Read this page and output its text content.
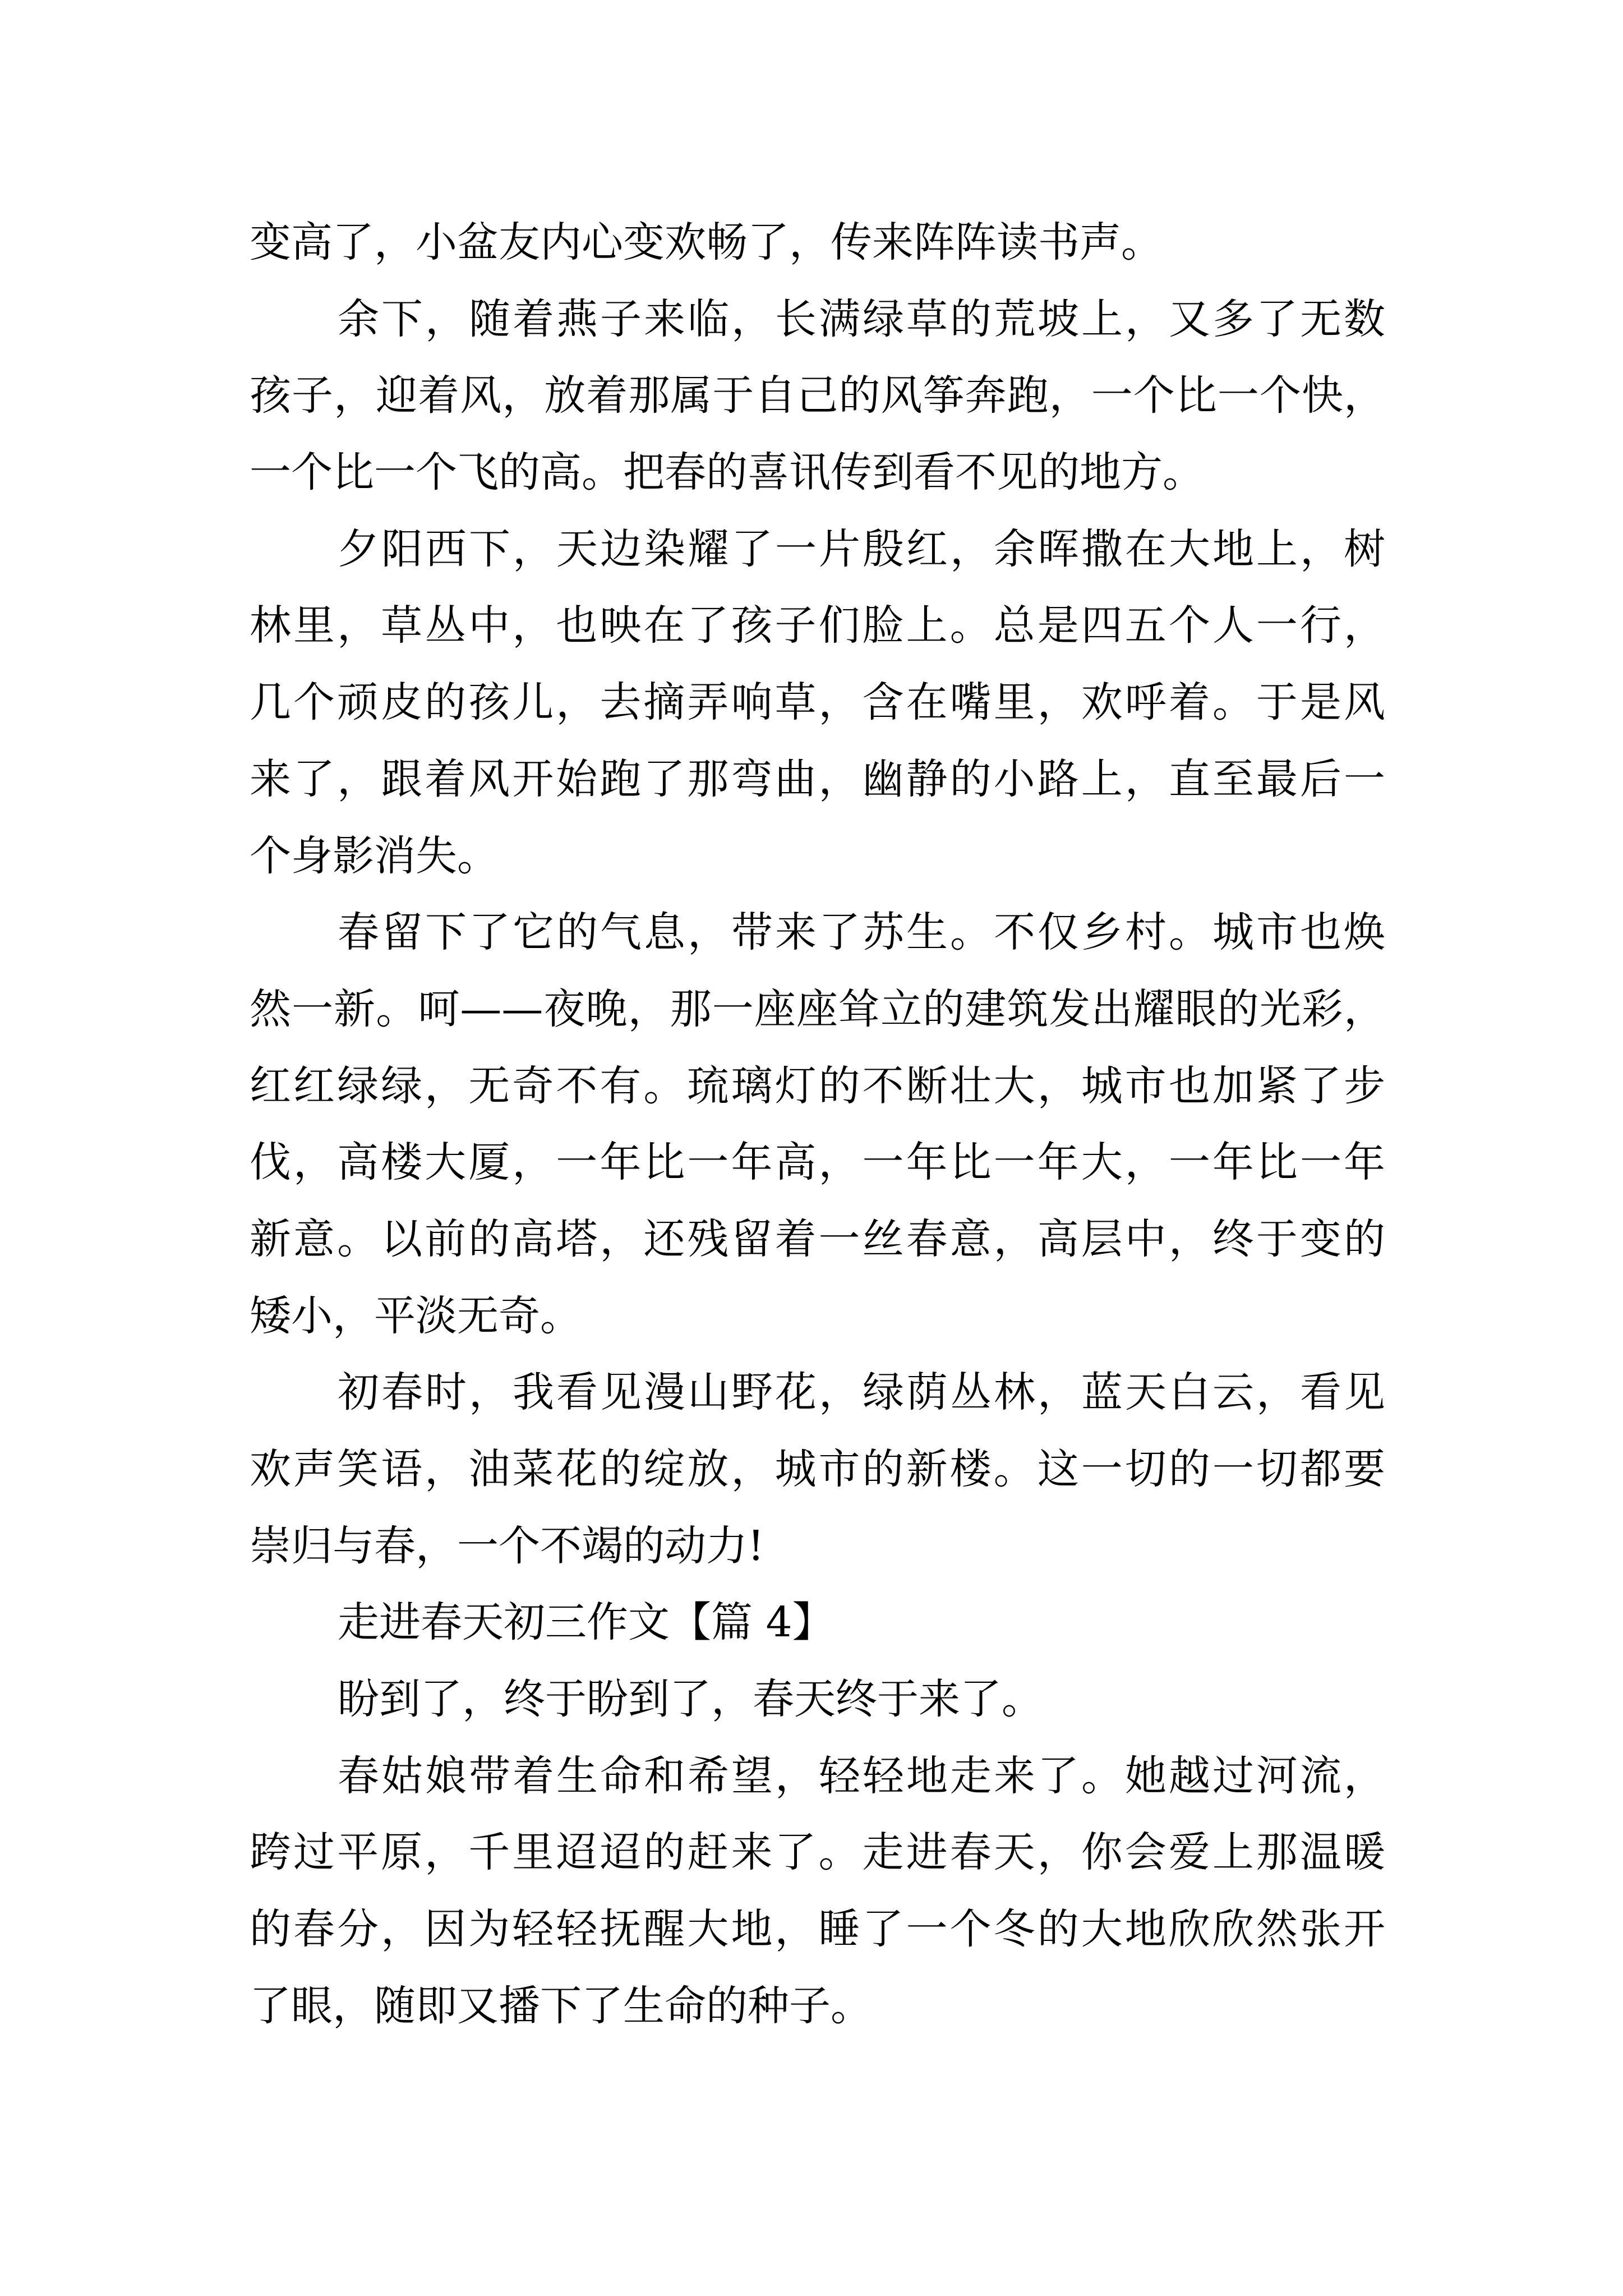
变高了，小盆友内心变欢畅了，传来阵阵读书声。
余下，随着燕子来临，长满绿草的荒坡上，又多了无数
孩子，迎着风，放着那属于自己的风筝奔跑，一个比一个快，
一个比一个飞的高。把春的喜讯传到看不见的地方。
夕阳西下，天边染耀了一片殷红，余晖撒在大地上，树
林里，草丛中，也映在了孩子们脸上。总是四五个人一行，
几个顽皮的孩儿，去摘弄响草，含在嘴里，欢呼着。于是风
来了，跟着风开始跑了那弯曲，幽静的小路上，直至最后一
个身影消失。
春留下了它的气息，带来了苏生。不仅乡村。城市也焕
然一新。呵——夜晚，那一座座耸立的建筑发出耀眼的光彩，
红红绿绿，无奇不有。琉璃灯的不断壮大，城市也加紧了步
伐，高楼大厦，一年比一年高，一年比一年大，一年比一年
新意。以前的高塔，还残留着一丝春意，高层中，终于变的
矮小，平淡无奇。
初春时，我看见漫山野花，绿荫丛林，蓝天白云，看见
欢声笑语，油菜花的绽放，城市的新楼。这一切的一切都要
崇归与春，一个不竭的动力!
走进春天初三作文【篇 4】
盼到了，终于盼到了，春天终于来了。
春姑娘带着生命和希望，轻轻地走来了。她越过河流，
跨过平原，千里迢迢的赶来了。走进春天，你会爱上那温暖
的春分，因为轻轻抚醒大地，睡了一个冬的大地欣欣然张开
了眼，随即又播下了生命的种子。
